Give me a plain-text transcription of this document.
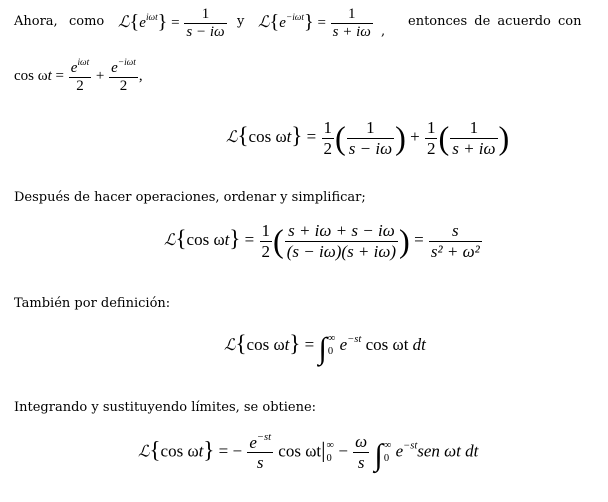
Ahora, como $ℒ\{e^{i\omega t}\} = \frac{1}{s - i\omega}$ y $ℒ\{e^{-i\omega t}\} = \frac{1}{s + i\omega}$ ,
entonces de acuerdo con
$\cos \omega t = \frac{e^{i\omega t}}{2} + \frac{e^{-i\omega t}}{2}$ ,
ℒ{cos $\omega t\} = \frac{1}{2}$ ( $\frac{1}{s - i\omega}$ ) + $\frac{1}{2}$ ( $\frac{1}{s + i\omega}$ )
Después de hacer operaciones, ordenar y simplificar;
ℒ{cos $\omega t\} = \frac{1}{2}$ ( $\frac{s + i\omega + s - i\omega}{(s - i\omega)(s + i\omega)}$ ) = $\frac{s}{\text{s² + ω²}}$
También por definición:
ℒ{cos ωt} = ∫ ∞
0 $e^{-st}$ cos ωt dt
Integrando y sustituyendo límites, se obtiene:
ℒ{cos ωt} = − $\frac{e^{-st}}{s}$ cos ωt| ∞
$0 - \frac{\omega}{s}$ ∫ ∞
0 $e^{-st}sen$ ωt dt
